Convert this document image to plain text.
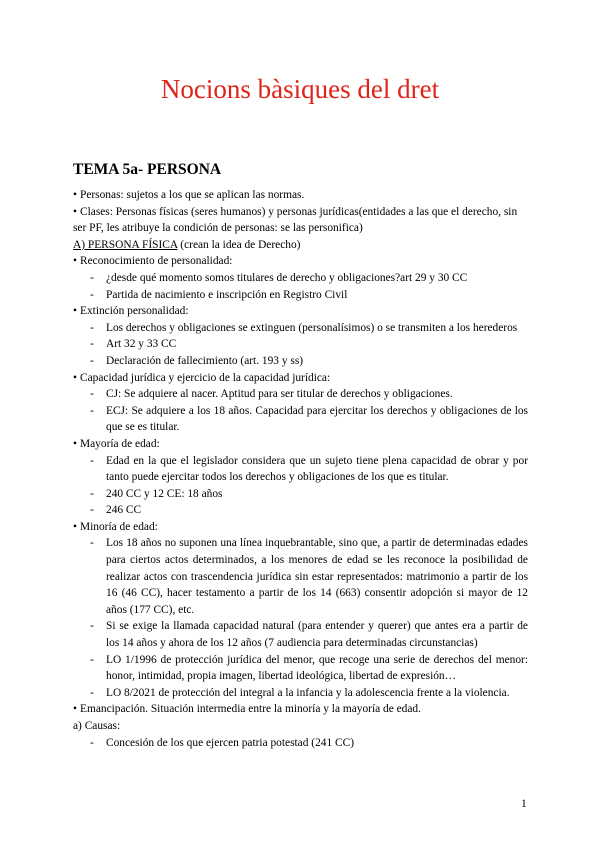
Nocions bàsiques del dret
TEMA 5a- PERSONA

• Personas: sujetos a los que se aplican las normas.

• Clases: Personas físicas (seres humanos) y personas jurídicas(entidades a las que el derecho, sin ser PF, les atribuye la condición de personas: se las personifica)

A) PERSONA FÍSICA (crean la idea de Derecho)

• Reconocimiento de personalidad:

- ¿desde qué momento somos titulares de derecho y obligaciones?art 29 y 30 CC

- Partida de nacimiento e inscripción en Registro Civil

• Extinción personalidad:

- Los derechos y obligaciones se extinguen (personalísimos) o se transmiten a los herederos

- Art 32 y 33 CC

- Declaración de fallecimiento (art. 193 y ss)

• Capacidad jurídica y ejercicio de la capacidad jurídica:

- CJ: Se adquiere al nacer. Aptitud para ser titular de derechos y obligaciones.

- ECJ: Se adquiere a los 18 años. Capacidad para ejercitar los derechos y obligaciones de los que se es titular.

• Mayoría de edad:

- Edad en la que el legislador considera que un sujeto tiene plena capacidad de obrar y por tanto puede ejercitar todos los derechos y obligaciones de los que es titular.

- 240 CC y 12 CE: 18 años

- 246 CC

• Minoría de edad:

- Los 18 años no suponen una línea inquebrantable, sino que, a partir de determinadas edades para ciertos actos determinados, a los menores de edad se les reconoce la posibilidad de realizar actos con trascendencia jurídica sin estar representados: matrimonio a partir de los 16 (46 CC), hacer testamento a partir de los 14 (663) consentir adopción si mayor de 12 años (177 CC), etc.

- Si se exige la llamada capacidad natural (para entender y querer) que antes era a partir de los 14 años y ahora de los 12 años (7 audiencia para determinadas circunstancias)

- LO 1/1996 de protección jurídica del menor, que recoge una serie de derechos del menor: honor, intimidad, propia imagen, libertad ideológica, libertad de expresión…

- LO 8/2021 de protección del integral a la infancia y la adolescencia frente a la violencia.

• Emancipación. Situación intermedia entre la minoría y la mayoría de edad.

a) Causas:

- Concesión de los que ejercen patria potestad (241 CC)

1
